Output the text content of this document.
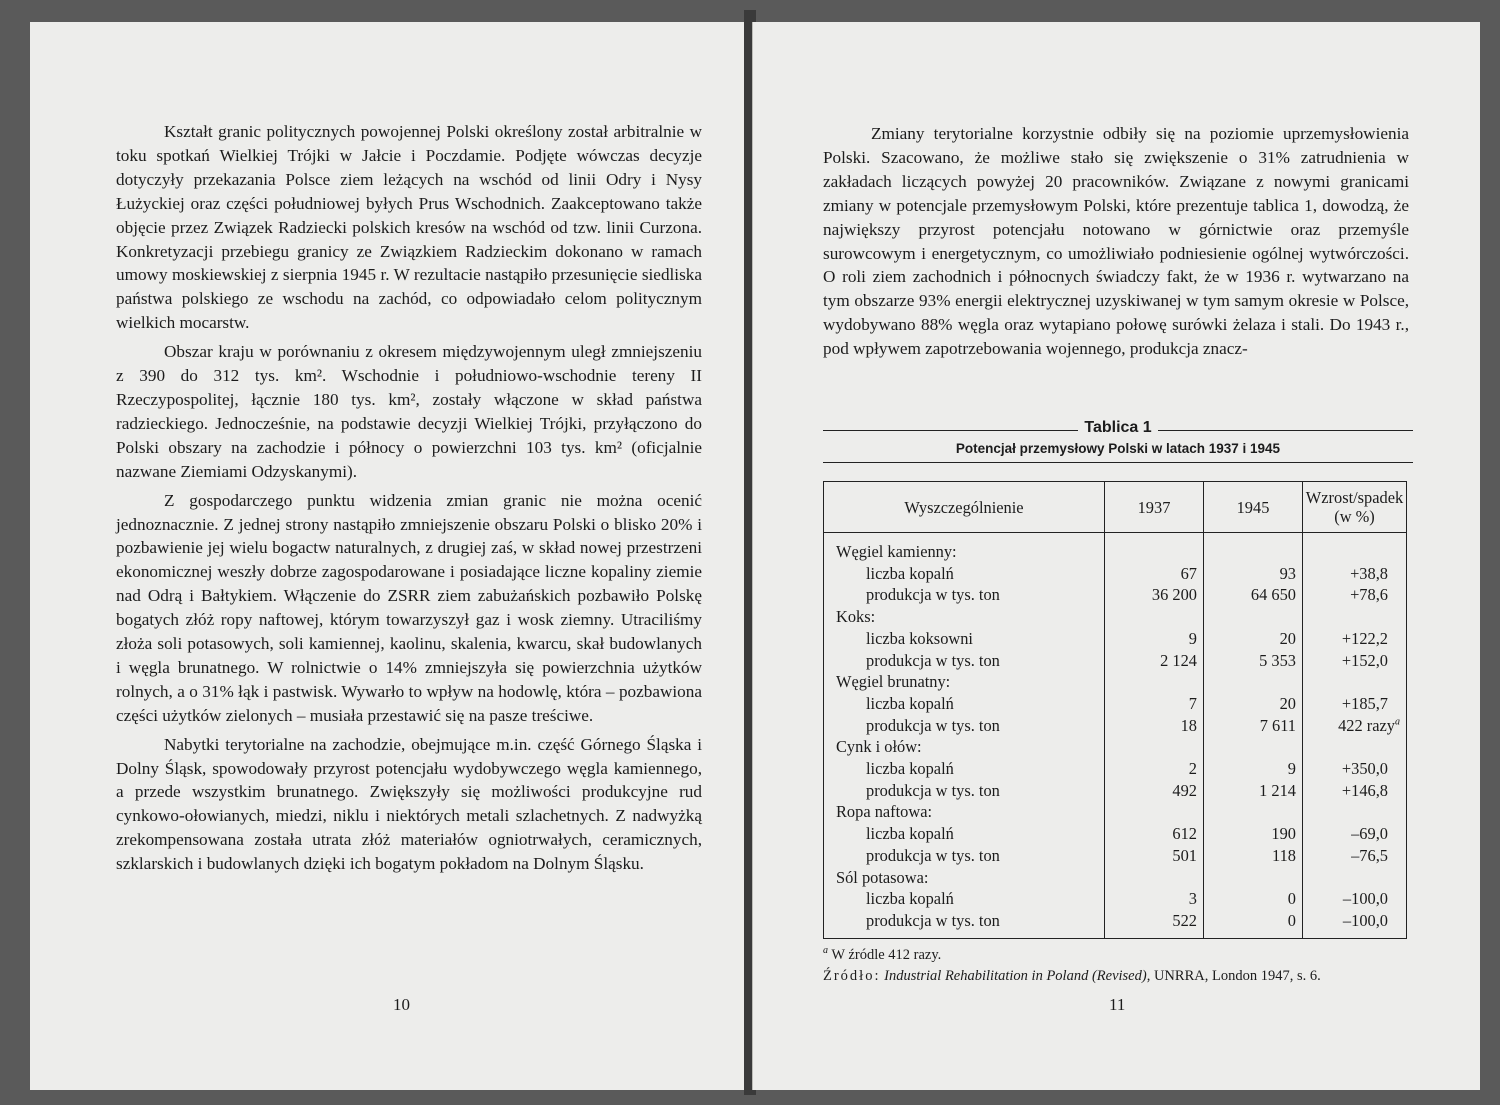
Kształt granic politycznych powojennej Polski określony został arbitralnie w toku spotkań Wielkiej Trójki w Jałcie i Poczdamie. Podjęte wówczas decyzje dotyczyły przekazania Polsce ziem leżących na wschód od linii Odry i Nysy Łużyckiej oraz części południowej byłych Prus Wschodnich. Zaakceptowano także objęcie przez Związek Radziecki polskich kresów na wschód od tzw. linii Curzona. Konkretyzacji przebiegu granicy ze Związkiem Radzieckim dokonano w ramach umowy moskiewskiej z sierpnia 1945 r. W rezultacie nastąpiło przesunięcie siedliska państwa polskiego ze wschodu na zachód, co odpowiadało celom politycznym wielkich mocarstw.

Obszar kraju w porównaniu z okresem międzywojennym uległ zmniejszeniu z 390 do 312 tys. km². Wschodnie i południowo-wschodnie tereny II Rzeczypospolitej, łącznie 180 tys. km², zostały włączone w skład państwa radzieckiego. Jednocześnie, na podstawie decyzji Wielkiej Trójki, przyłączono do Polski obszary na zachodzie i północy o powierzchni 103 tys. km² (oficjalnie nazwane Ziemiami Odzyskanymi).

Z gospodarczego punktu widzenia zmian granic nie można ocenić jednoznacznie. Z jednej strony nastąpiło zmniejszenie obszaru Polski o blisko 20% i pozbawienie jej wielu bogactw naturalnych, z drugiej zaś, w skład nowej przestrzeni ekonomicznej weszły dobrze zagospodarowane i posiadające liczne kopaliny ziemie nad Odrą i Bałtykiem. Włączenie do ZSRR ziem zabużańskich pozbawiło Polskę bogatych złóż ropy naftowej, którym towarzyszył gaz i wosk ziemny. Utraciliśmy złoża soli potasowych, soli kamiennej, kaolinu, skalenia, kwarcu, skał budowlanych i węgla brunatnego. W rolnictwie o 14% zmniejszyła się powierzchnia użytków rolnych, a o 31% łąk i pastwisk. Wywarło to wpływ na hodowlę, która – pozbawiona części użytków zielonych – musiała przestawić się na pasze treściwe.

Nabytki terytorialne na zachodzie, obejmujące m.in. część Górnego Śląska i Dolny Śląsk, spowodowały przyrost potencjału wydobywczego węgla kamiennego, a przede wszystkim brunatnego. Zwiększyły się możliwości produkcyjne rud cynkowo-ołowianych, miedzi, niklu i niektórych metali szlachetnych. Z nadwyżką zrekompensowana została utrata złóż materiałów ogniotrwałych, ceramicznych, szklarskich i budowlanych dzięki ich bogatym pokładom na Dolnym Śląsku.

10

Zmiany terytorialne korzystnie odbiły się na poziomie uprzemysłowienia Polski. Szacowano, że możliwe stało się zwiększenie o 31% zatrudnienia w zakładach liczących powyżej 20 pracowników. Związane z nowymi granicami zmiany w potencjale przemysłowym Polski, które prezentuje tablica 1, dowodzą, że największy przyrost potencjału notowano w górnictwie oraz przemyśle surowcowym i energetycznym, co umożliwiało podniesienie ogólnej wytwórczości. O roli ziem zachodnich i północnych świadczy fakt, że w 1936 r. wytwarzano na tym obszarze 93% energii elektrycznej uzyskiwanej w tym samym okresie w Polsce, wydobywano 88% węgla oraz wytapiano połowę surówki żelaza i stali. Do 1943 r., pod wpływem zapotrzebowania wojennego, produkcja znacz-

Tablica 1
Potencjał przemysłowy Polski w latach 1937 i 1945
Wyszczególnienie	1937	1945	Wzrost/spadek
(w %)
Węgiel kamienny:			
liczba kopalń	67	93	+38,8
produkcja w tys. ton	36 200	64 650	+78,6
Koks:			
liczba koksowni	9	20	+122,2
produkcja w tys. ton	2 124	5 353	+152,0
Węgiel brunatny:			
liczba kopalń	7	20	+185,7
produkcja w tys. ton	18	7 611	422 razy$^a$
Cynk i ołów:			
liczba kopalń	2	9	+350,0
produkcja w tys. ton	492	1 214	+146,8
Ropa naftowa:			
liczba kopalń	612	190	–69,0
produkcja w tys. ton	501	118	–76,5
Sól potasowa:			
liczba kopalń	3	0	–100,0
produkcja w tys. ton	522	0	–100,0
$^a$ W źródle 412 razy.
Źródło: Industrial Rehabilitation in Poland (Revised), UNRRA, London 1947, s. 6.
11
